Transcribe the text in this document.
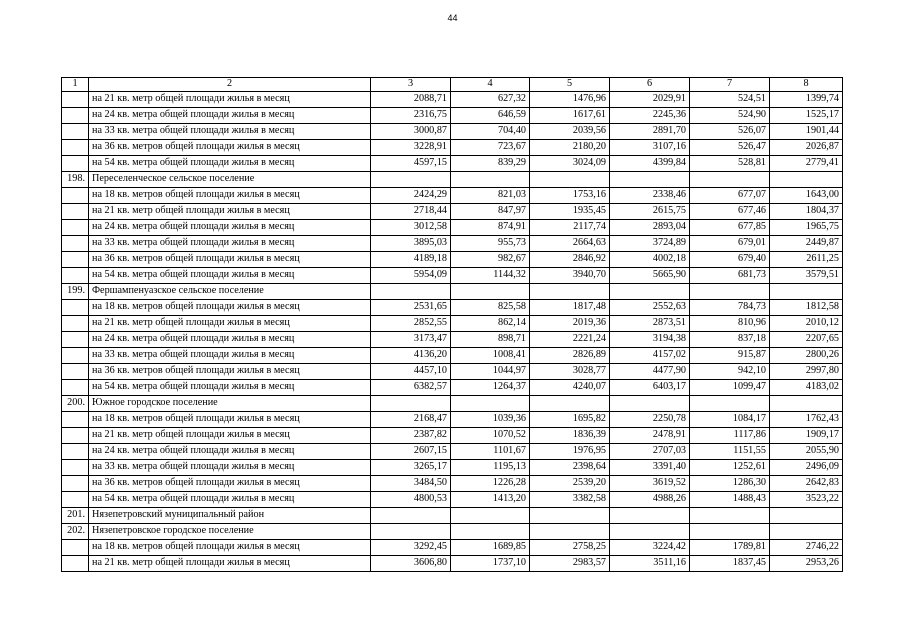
44
1	2	3	4	5	6	7	8
	на 21 кв. метр общей площади жилья в месяц	2088,71	627,32	1476,96	2029,91	524,51	1399,74
	на 24 кв. метра общей площади жилья в месяц	2316,75	646,59	1617,61	2245,36	524,90	1525,17
	на 33 кв. метра общей площади жилья в месяц	3000,87	704,40	2039,56	2891,70	526,07	1901,44
	на 36 кв. метров общей площади жилья в месяц	3228,91	723,67	2180,20	3107,16	526,47	2026,87
	на 54 кв. метра общей площади жилья в месяц	4597,15	839,29	3024,09	4399,84	528,81	2779,41
198.	Переселенческое сельское поселение						
	на 18 кв. метров общей площади жилья в месяц	2424,29	821,03	1753,16	2338,46	677,07	1643,00
	на 21 кв. метр общей площади жилья в месяц	2718,44	847,97	1935,45	2615,75	677,46	1804,37
	на 24 кв. метра общей площади жилья в месяц	3012,58	874,91	2117,74	2893,04	677,85	1965,75
	на 33 кв. метра общей площади жилья в месяц	3895,03	955,73	2664,63	3724,89	679,01	2449,87
	на 36 кв. метров общей площади жилья в месяц	4189,18	982,67	2846,92	4002,18	679,40	2611,25
	на 54 кв. метра общей площади жилья в месяц	5954,09	1144,32	3940,70	5665,90	681,73	3579,51
199.	Фершампенуазское сельское поселение						
	на 18 кв. метров общей площади жилья в месяц	2531,65	825,58	1817,48	2552,63	784,73	1812,58
	на 21 кв. метр общей площади жилья в месяц	2852,55	862,14	2019,36	2873,51	810,96	2010,12
	на 24 кв. метра общей площади жилья в месяц	3173,47	898,71	2221,24	3194,38	837,18	2207,65
	на 33 кв. метра общей площади жилья в месяц	4136,20	1008,41	2826,89	4157,02	915,87	2800,26
	на 36 кв. метров общей площади жилья в месяц	4457,10	1044,97	3028,77	4477,90	942,10	2997,80
	на 54 кв. метра общей площади жилья в месяц	6382,57	1264,37	4240,07	6403,17	1099,47	4183,02
200.	Южное городское поселение						
	на 18 кв. метров общей площади жилья в месяц	2168,47	1039,36	1695,82	2250,78	1084,17	1762,43
	на 21 кв. метр общей площади жилья в месяц	2387,82	1070,52	1836,39	2478,91	1117,86	1909,17
	на 24 кв. метра общей площади жилья в месяц	2607,15	1101,67	1976,95	2707,03	1151,55	2055,90
	на 33 кв. метра общей площади жилья в месяц	3265,17	1195,13	2398,64	3391,40	1252,61	2496,09
	на 36 кв. метров общей площади жилья в месяц	3484,50	1226,28	2539,20	3619,52	1286,30	2642,83
	на 54 кв. метра общей площади жилья в месяц	4800,53	1413,20	3382,58	4988,26	1488,43	3523,22
201.	Нязепетровский муниципальный район						
202.	Нязепетровское городское поселение						
	на 18 кв. метров общей площади жилья в месяц	3292,45	1689,85	2758,25	3224,42	1789,81	2746,22
	на 21 кв. метр общей площади жилья в месяц	3606,80	1737,10	2983,57	3511,16	1837,45	2953,26
